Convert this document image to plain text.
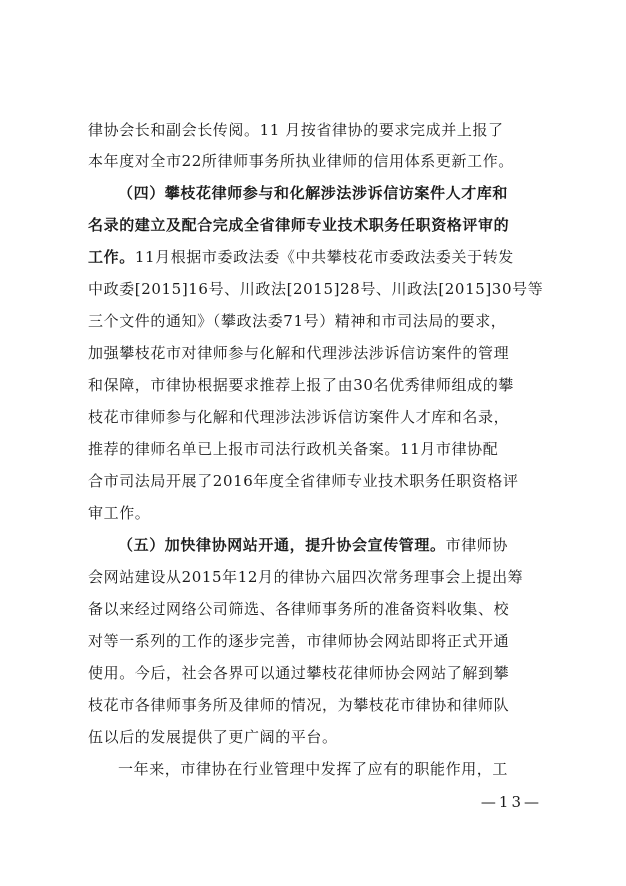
律协会长和副会长传阅。11 月按省律协的要求完成并上报了
本年度对全市22所律师事务所执业律师的信用体系更新工作。
（四）攀枝花律师参与和化解涉法涉诉信访案件人才库和
名录的建立及配合完成全省律师专业技术职务任职资格评审的
工作。11月根据市委政法委《中共攀枝花市委政法委关于转发
中政委[2015]16号、川政法[2015]28号、川政法[2015]30号等
三个文件的通知》（攀政法委71号）精神和市司法局的要求，
加强攀枝花市对律师参与化解和代理涉法涉诉信访案件的管理
和保障，市律协根据要求推荐上报了由30名优秀律师组成的攀
枝花市律师参与化解和代理涉法涉诉信访案件人才库和名录，
推荐的律师名单已上报市司法行政机关备案。11月市律协配
合市司法局开展了2016年度全省律师专业技术职务任职资格评
审工作。
（五）加快律协网站开通，提升协会宣传管理。市律师协
会网站建设从2015年12月的律协六届四次常务理事会上提出筹
备以来经过网络公司筛选、各律师事务所的准备资料收集、校
对等一系列的工作的逐步完善，市律师协会网站即将正式开通
使用。今后，社会各界可以通过攀枝花律师协会网站了解到攀
枝花市各律师事务所及律师的情况，为攀枝花市律协和律师队
伍以后的发展提供了更广阔的平台。
一年来，市律协在行业管理中发挥了应有的职能作用，工
—13—
